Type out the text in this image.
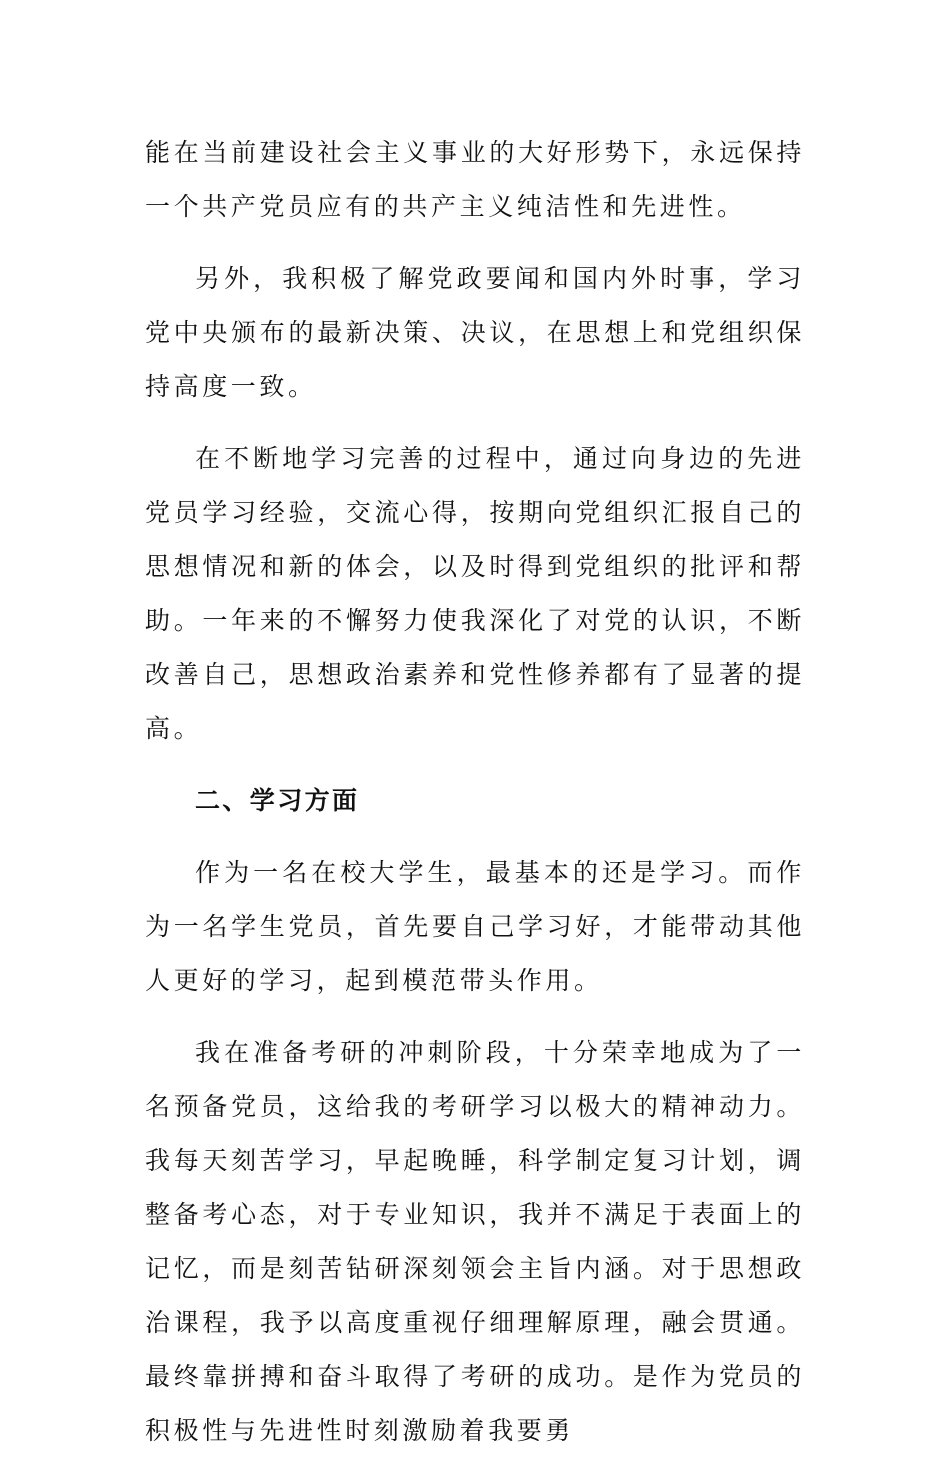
能在当前建设社会主义事业的大好形势下，永远保持一个共产党员应有的共产主义纯洁性和先进性。

另外，我积极了解党政要闻和国内外时事，学习党中央颁布的最新决策、决议，在思想上和党组织保持高度一致。

在不断地学习完善的过程中，通过向身边的先进党员学习经验，交流心得，按期向党组织汇报自己的思想情况和新的体会，以及时得到党组织的批评和帮助。一年来的不懈努力使我深化了对党的认识，不断改善自己，思想政治素养和党性修养都有了显著的提高。

二、学习方面

作为一名在校大学生，最基本的还是学习。而作为一名学生党员，首先要自己学习好，才能带动其他人更好的学习，起到模范带头作用。

我在准备考研的冲刺阶段，十分荣幸地成为了一名预备党员，这给我的考研学习以极大的精神动力。我每天刻苦学习，早起晚睡，科学制定复习计划，调整备考心态，对于专业知识，我并不满足于表面上的记忆，而是刻苦钻研深刻领会主旨内涵。对于思想政治课程，我予以高度重视仔细理解原理，融会贯通。最终靠拼搏和奋斗取得了考研的成功。是作为党员的积极性与先进性时刻激励着我要勇
